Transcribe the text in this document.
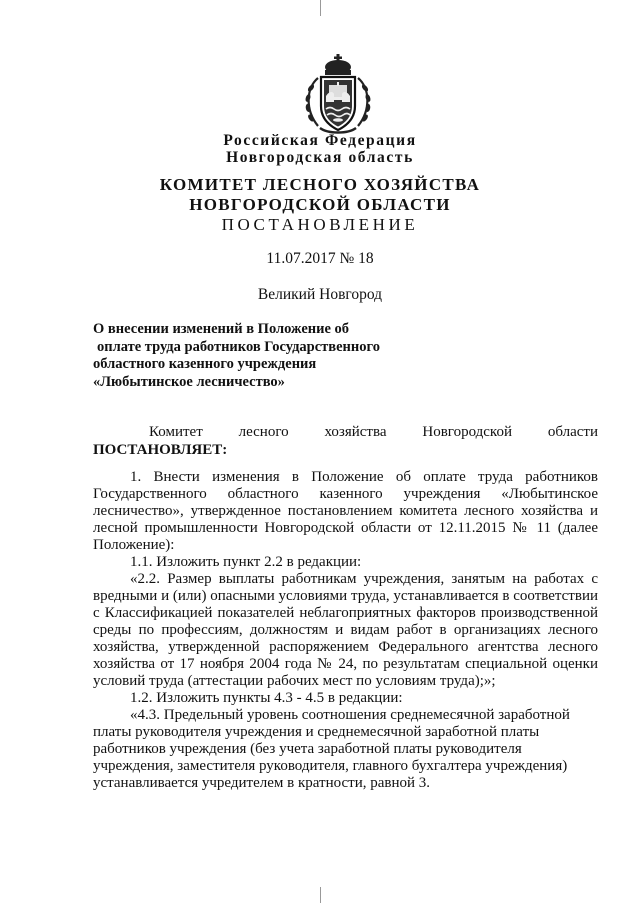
Российская Федерация
Новгородская область
КОМИТЕТ ЛЕСНОГО ХОЗЯЙСТВА
НОВГОРОДСКОЙ ОБЛАСТИ
ПОСТАНОВЛЕНИЕ
11.07.2017 № 18
Великий Новгород
О внесении изменений в Положение об
оплате труда работников Государственного
областного казенного учреждения
«Любытинское лесничество»
Комитет лесного хозяйства Новгородской области
ПОСТАНОВЛЯЕТ:

1. Внести изменения в Положение об оплате труда работников Государственного областного казенного учреждения «Любытинское лесничество», утвержденное постановлением комитета лесного хозяйства и лесной промышленности Новгородской области от 12.11.2015 № 11 (далее Положение):

1.1. Изложить пункт 2.2 в редакции:

«2.2. Размер выплаты работникам учреждения, занятым на работах с вредными и (или) опасными условиями труда, устанавливается в соответствии с Классификацией показателей неблагоприятных факторов производственной среды по профессиям, должностям и видам работ в организациях лесного хозяйства, утвержденной распоряжением Федерального агентства лесного хозяйства от 17 ноября 2004 года № 24, по результатам специальной оценки условий труда (аттестации рабочих мест по условиям труда);»;

1.2. Изложить пункты 4.3 - 4.5 в редакции:

«4.3. Предельный уровень соотношения среднемесячной заработной платы руководителя учреждения и среднемесячной заработной платы работников учреждения (без учета заработной платы руководителя учреждения, заместителя руководителя, главного бухгалтера учреждения) устанавливается учредителем в кратности, равной 3.
